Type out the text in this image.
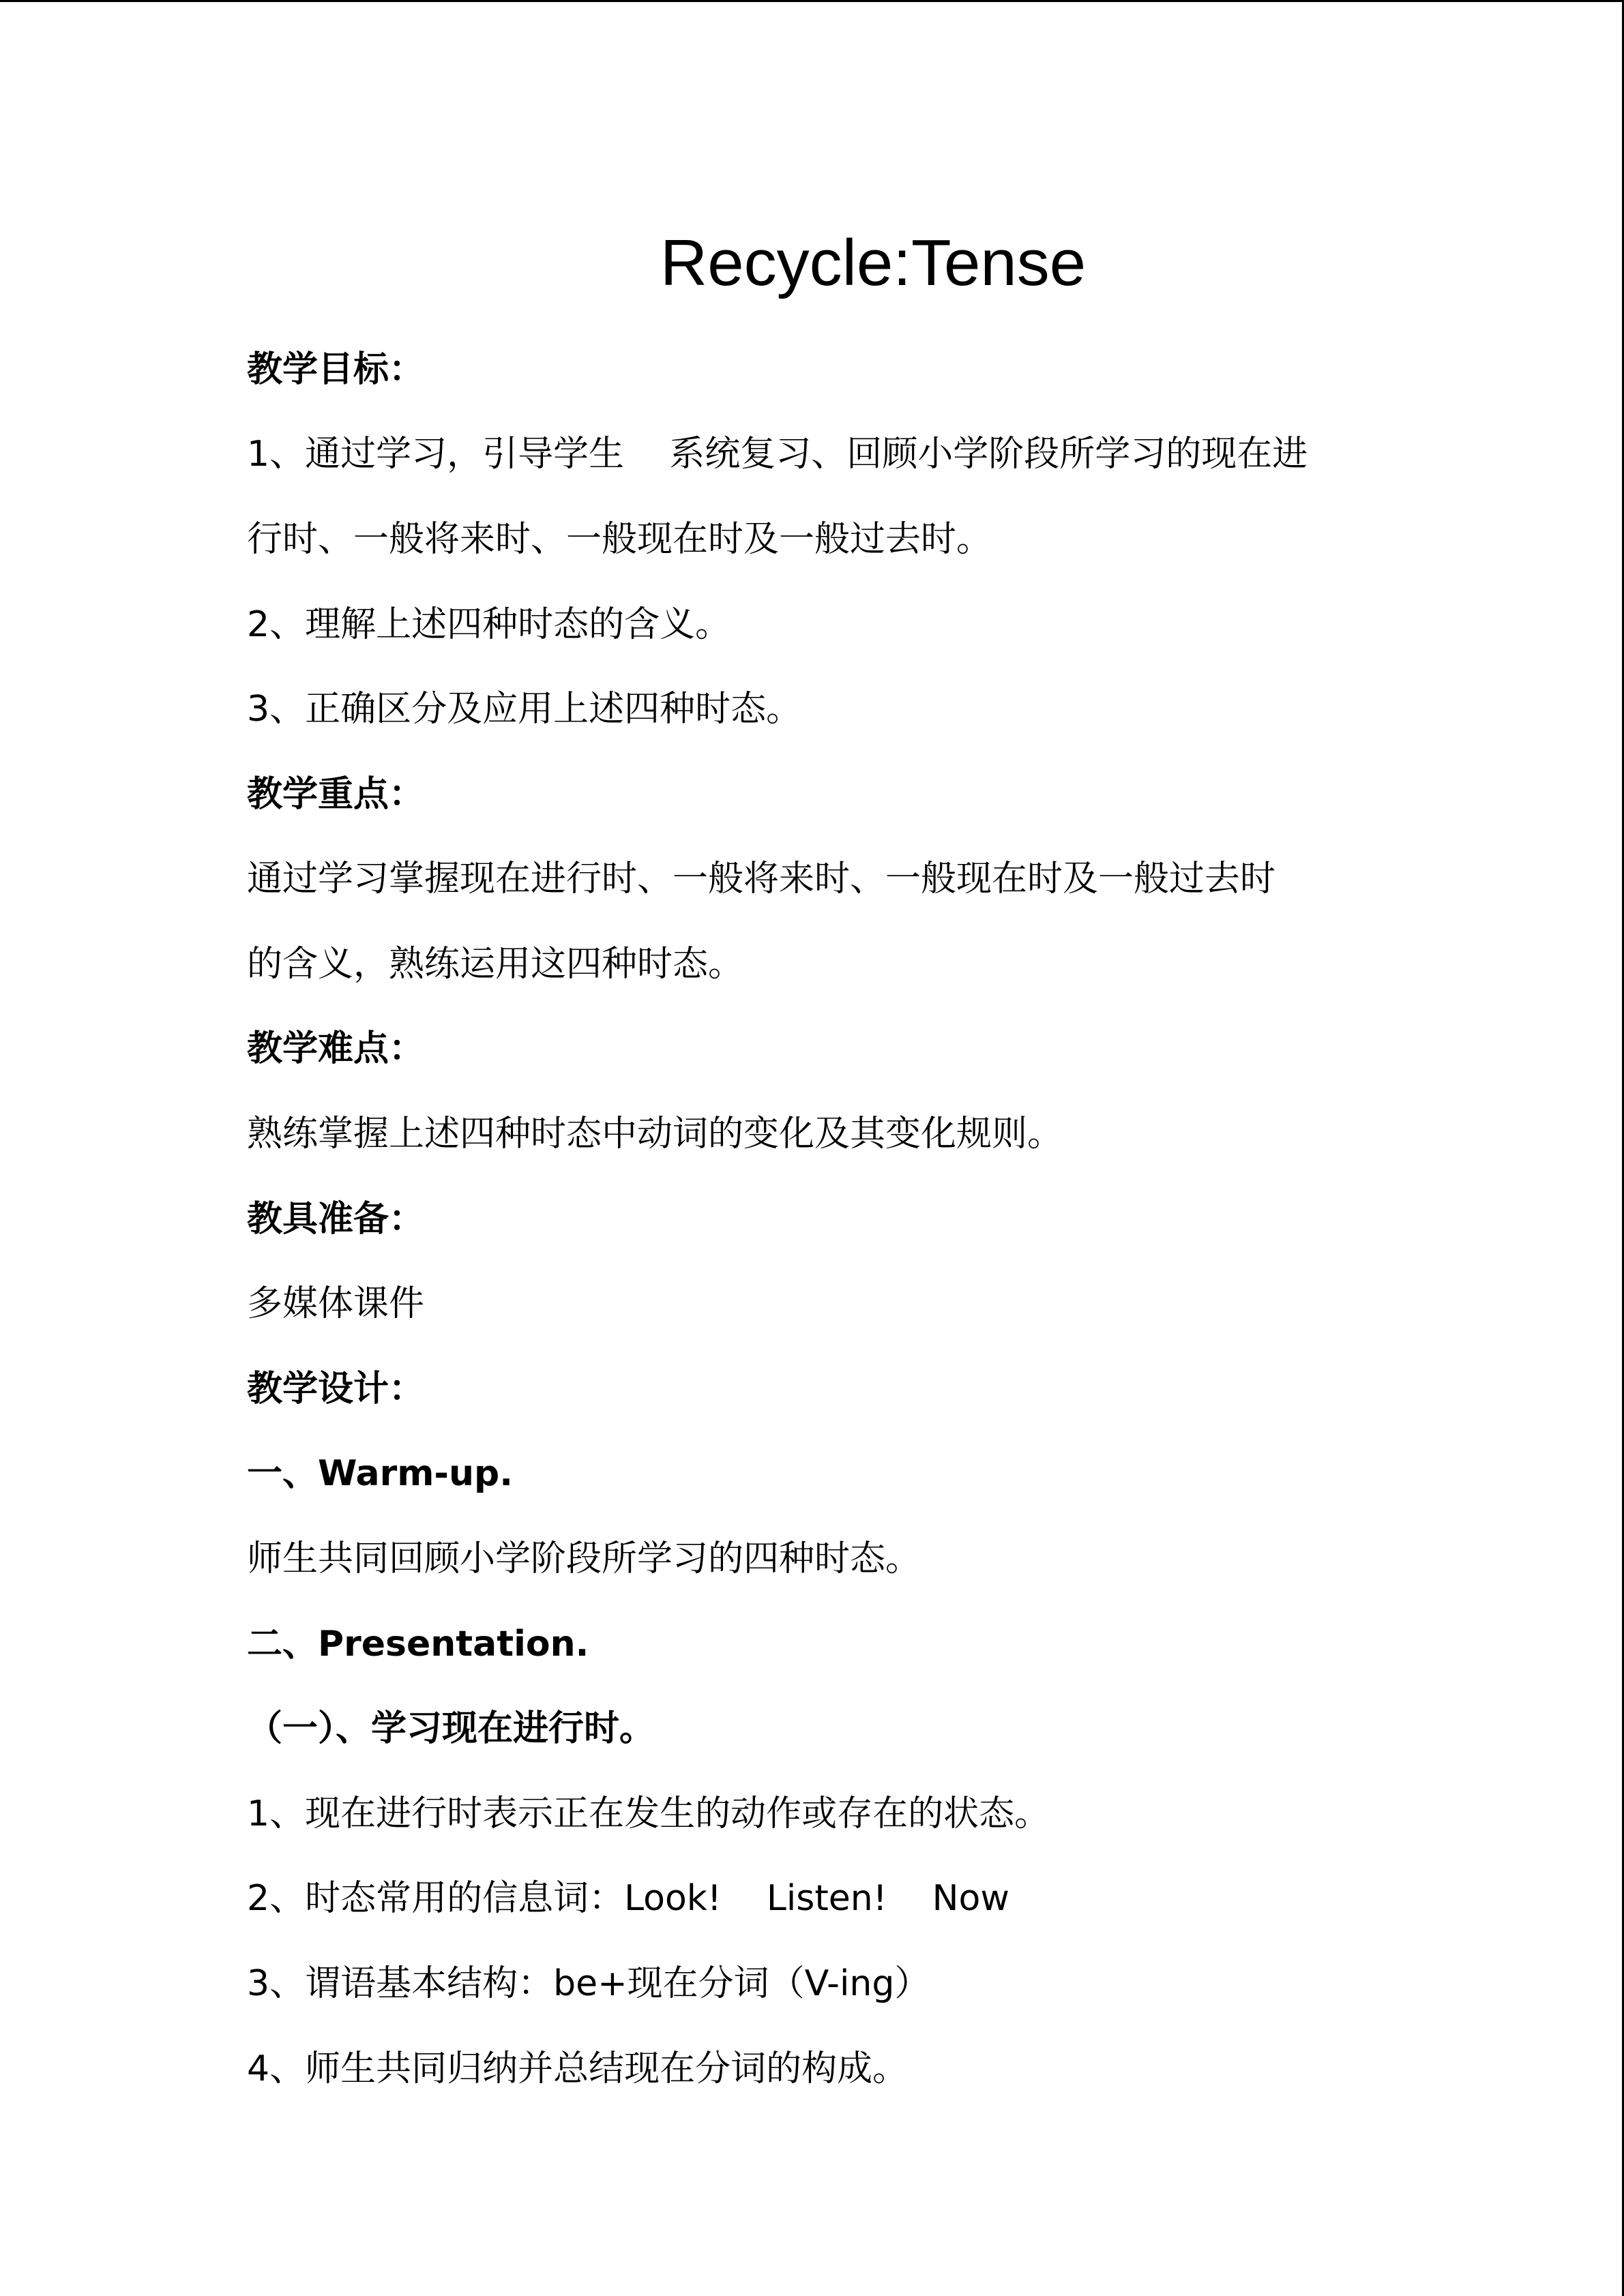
Recycle:Tense
教学目标：
1、通过学习，引导学生    系统复习、回顾小学阶段所学习的现在进
行时、一般将来时、一般现在时及一般过去时。
2、理解上述四种时态的含义。
3、正确区分及应用上述四种时态。
教学重点：
通过学习掌握现在进行时、一般将来时、一般现在时及一般过去时
的含义，熟练运用这四种时态。
教学难点：
熟练掌握上述四种时态中动词的变化及其变化规则。
教具准备：
多媒体课件
教学设计：
一、Warm-up.
师生共同回顾小学阶段所学习的四种时态。
二、Presentation.
（一）、学习现在进行时。
1、现在进行时表示正在发生的动作或存在的状态。
2、时态常用的信息词：Look!    Listen!    Now
3、谓语基本结构：be+现在分词（V-ing）
4、师生共同归纳并总结现在分词的构成。
